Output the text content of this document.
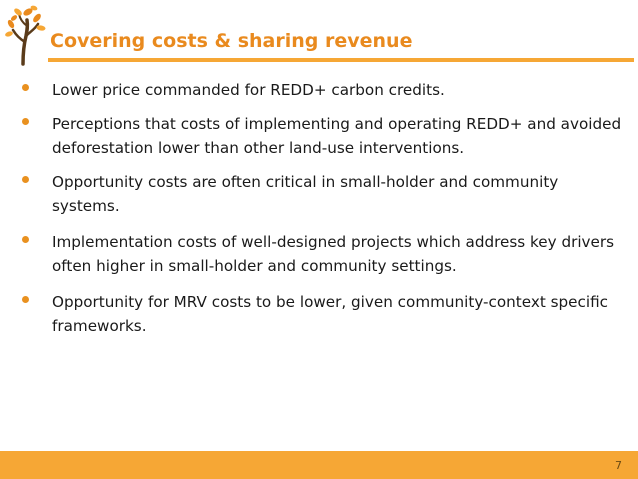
Covering costs & sharing revenue
Lower price commanded for REDD+ carbon credits.
Perceptions that costs of implementing and operating REDD+ and avoided deforestation lower than other land-use interventions.
Opportunity costs are often critical in small-holder and community systems.
Implementation costs of well-designed projects which address key drivers often higher in small-holder and community settings.
Opportunity for MRV costs to be lower, given community-context specific frameworks.
7
